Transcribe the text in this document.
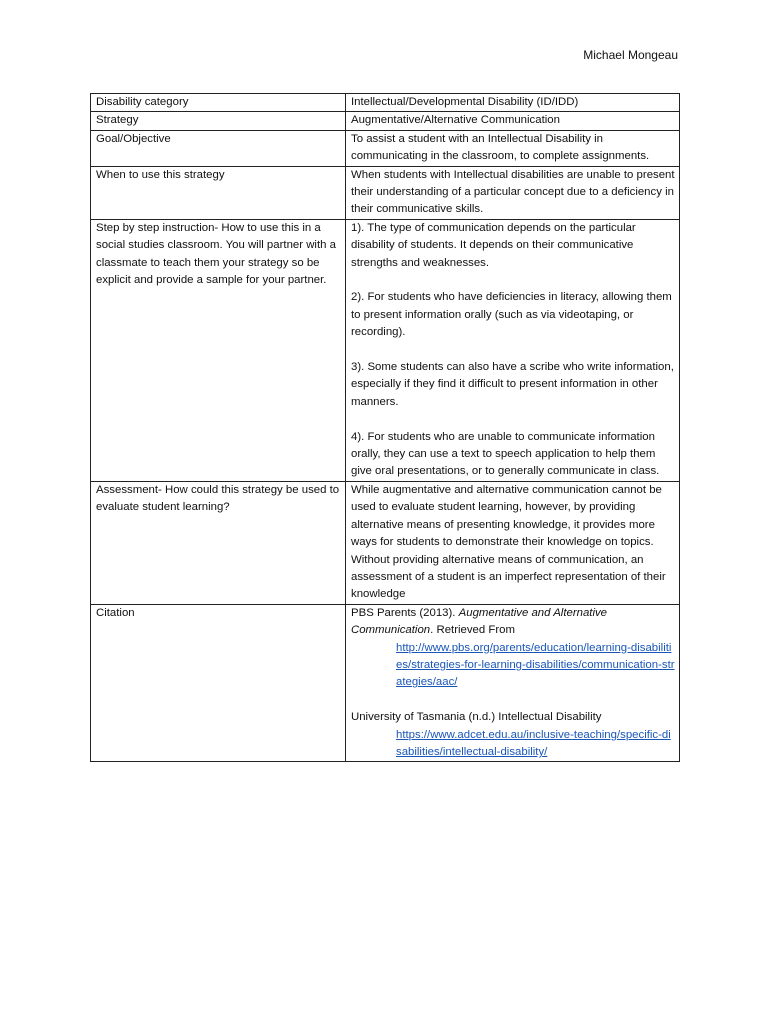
Michael Mongeau
Disability category	Intellectual/Developmental Disability (ID/IDD)
Strategy	Augmentative/Alternative Communication
Goal/Objective	To assist a student with an Intellectual Disability in communicating in the classroom, to complete assignments.
When to use this strategy	When students with Intellectual disabilities are unable to present their understanding of a particular concept due to a deficiency in their communicative skills.
Step by step instruction- How to use this in a social studies classroom. You will partner with a classmate to teach them your strategy so be explicit and provide a sample for your partner.	1). The type of communication depends on the particular disability of students. It depends on their communicative strengths and weaknesses.

2). For students who have deficiencies in literacy, allowing them to present information orally (such as via videotaping, or recording).

3). Some students can also have a scribe who write information, especially if they find it difficult to present information in other manners.

4). For students who are unable to communicate information orally, they can use a text to speech application to help them give oral presentations, or to generally communicate in class.

Assessment- How could this strategy be used to evaluate student learning?	While augmentative and alternative communication cannot be used to evaluate student learning, however, by providing alternative means of presenting knowledge, it provides more ways for students to demonstrate their knowledge on topics. Without providing alternative means of communication, an assessment of a student is an imperfect representation of their knowledge
Citation	PBS Parents (2013). Augmentative and Alternative Communication. Retrieved From

http://www.pbs.org/parents/education/learning-disabilities/strategies-for-learning-disabilities/communication-strategies/aac/

University of Tasmania (n.d.) Intellectual Disability

https://www.adcet.edu.au/inclusive-teaching/specific-disabilities/intellectual-disability/
